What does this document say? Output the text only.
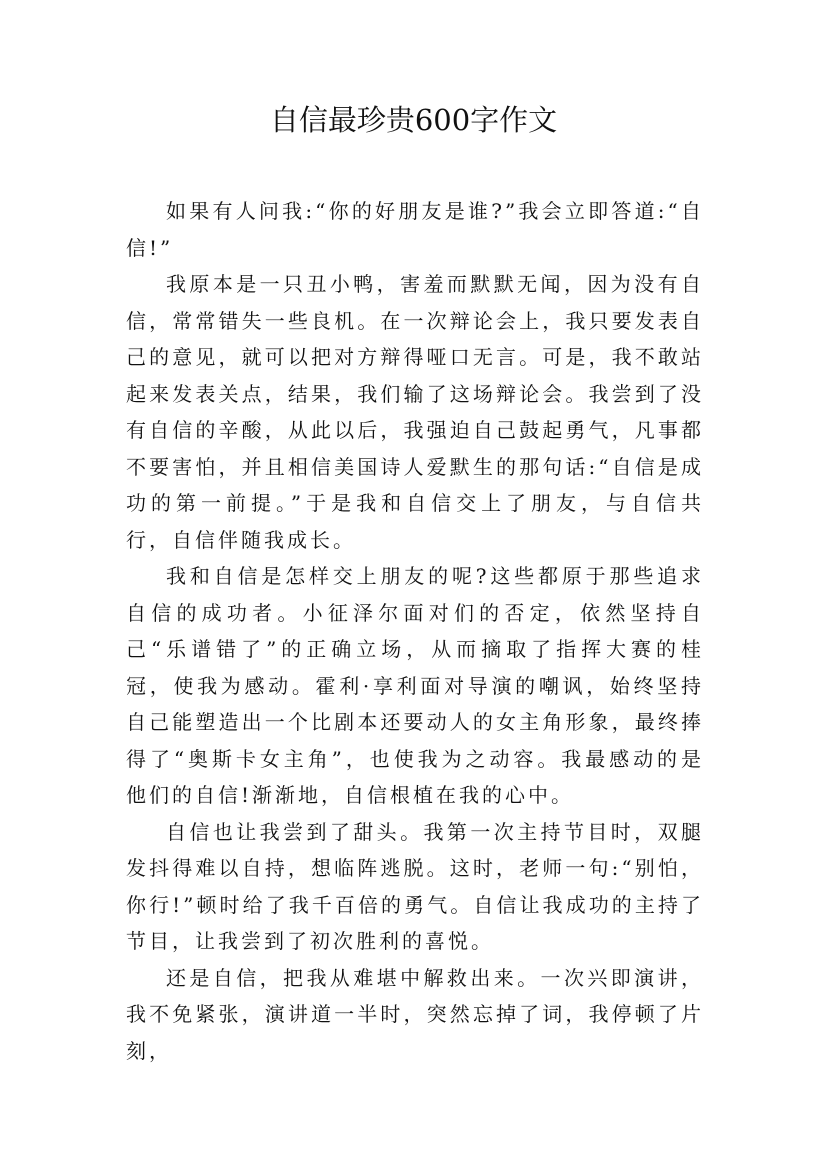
自信最珍贵600字作文

如果有人问我:“你的好朋友是谁?”我会立即答道:“自信!”

我原本是一只丑小鸭，害羞而默默无闻，因为没有自信，常常错失一些良机。在一次辩论会上，我只要发表自己的意见，就可以把对方辩得哑口无言。可是，我不敢站起来发表关点，结果，我们输了这场辩论会。我尝到了没有自信的辛酸，从此以后，我强迫自己鼓起勇气，凡事都不要害怕，并且相信美国诗人爱默生的那句话:“自信是成功的第一前提。”于是我和自信交上了朋友，与自信共行，自信伴随我成长。

我和自信是怎样交上朋友的呢?这些都原于那些追求自信的成功者。小征泽尔面对们的否定，依然坚持自己“乐谱错了”的正确立场，从而摘取了指挥大赛的桂冠，使我为感动。霍利·享利面对导演的嘲讽，始终坚持自己能塑造出一个比剧本还要动人的女主角形象，最终捧得了“奥斯卡女主角”，也使我为之动容。我最感动的是他们的自信!渐渐地，自信根植在我的心中。

自信也让我尝到了甜头。我第一次主持节目时，双腿发抖得难以自持，想临阵逃脱。这时，老师一句:“别怕，你行!”顿时给了我千百倍的勇气。自信让我成功的主持了节目，让我尝到了初次胜利的喜悦。

还是自信，把我从难堪中解救出来。一次兴即演讲，我不免紧张，演讲道一半时，突然忘掉了词，我停顿了片刻，
